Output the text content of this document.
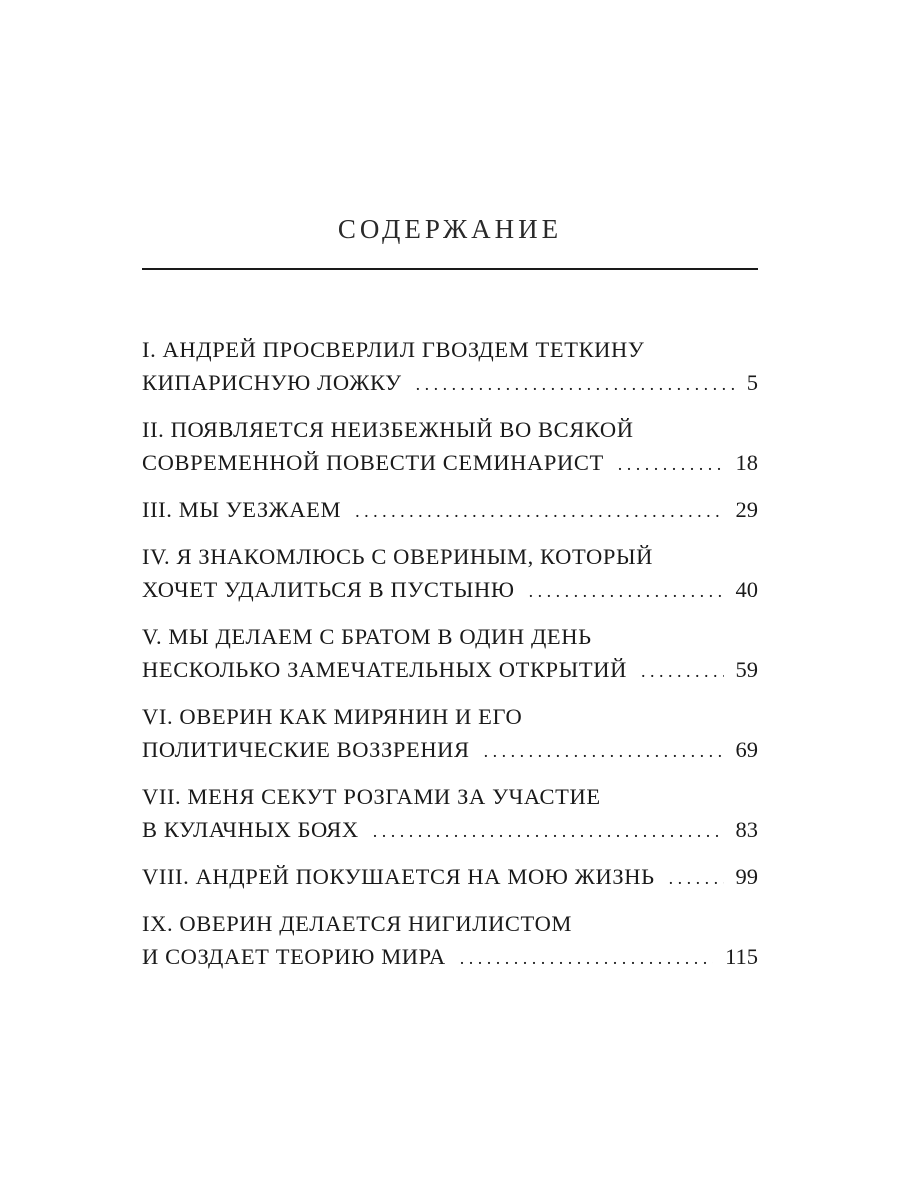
СОДЕРЖАНИЕ
I. АНДРЕЙ ПРОСВЕРЛИЛ ГВОЗДЕМ ТЕТКИНУ
КИПАРИСНУЮ ЛОЖКУ . . .	5
II. ПОЯВЛЯЕТСЯ НЕИЗБЕЖНЫЙ ВО ВСЯКОЙ
СОВРЕМЕННОЙ ПОВЕСТИ СЕМИНАРИСТ . . .	18
III. МЫ УЕЗЖАЕМ . . .	29
IV. Я ЗНАКОМЛЮСЬ С ОВЕРИНЫМ, КОТОРЫЙ
ХОЧЕТ УДАЛИТЬСЯ В ПУСТЫНЮ . . .	40
V. МЫ ДЕЛАЕМ С БРАТОМ В ОДИН ДЕНЬ
НЕСКОЛЬКО ЗАМЕЧАТЕЛЬНЫХ ОТКРЫТИЙ . . .	59
VI. ОВЕРИН КАК МИРЯНИН И ЕГО
ПОЛИТИЧЕСКИЕ ВОЗЗРЕНИЯ . . .	69
VII. МЕНЯ СЕКУТ РОЗГАМИ ЗА УЧАСТИЕ
В КУЛАЧНЫХ БОЯХ . . .	83
VIII. АНДРЕЙ ПОКУШАЕТСЯ НА МОЮ ЖИЗНЬ . . .	99
IX. ОВЕРИН ДЕЛАЕТСЯ НИГИЛИСТОМ
И СОЗДАЕТ ТЕОРИЮ МИРА . . .	115
